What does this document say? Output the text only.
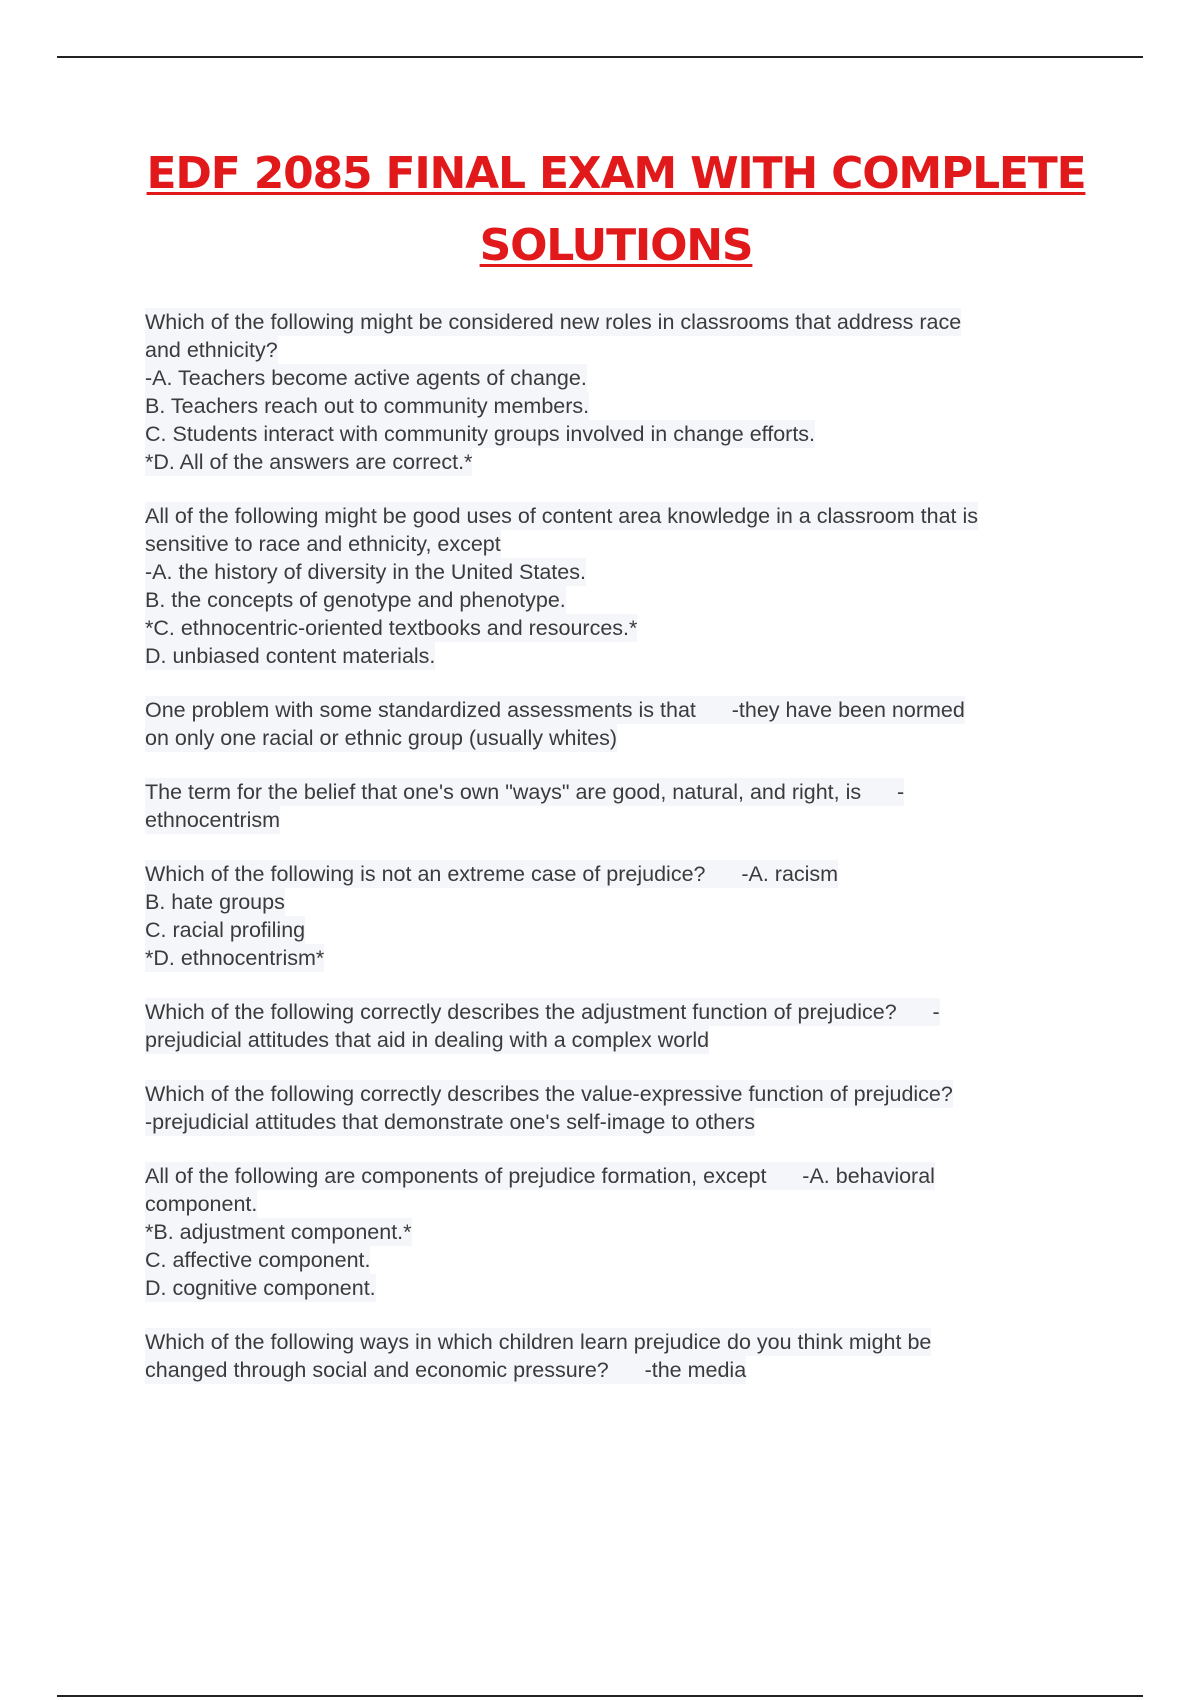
EDF 2085 FINAL EXAM WITH COMPLETE
SOLUTIONS
Which of the following might be considered new roles in classrooms that address race
and ethnicity?
-A. Teachers become active agents of change.
B. Teachers reach out to community members.
C. Students interact with community groups involved in change efforts.
*D. All of the answers are correct.*
All of the following might be good uses of content area knowledge in a classroom that is
sensitive to race and ethnicity, except
-A. the history of diversity in the United States.
B. the concepts of genotype and phenotype.
*C. ethnocentric-oriented textbooks and resources.*
D. unbiased content materials.
One problem with some standardized assessments is that      -they have been normed
on only one racial or ethnic group (usually whites)
The term for the belief that one's own "ways" are good, natural, and right, is      -
ethnocentrism
Which of the following is not an extreme case of prejudice?      -A. racism
B. hate groups
C. racial profiling
*D. ethnocentrism*
Which of the following correctly describes the adjustment function of prejudice?      -
prejudicial attitudes that aid in dealing with a complex world
Which of the following correctly describes the value-expressive function of prejudice?
-prejudicial attitudes that demonstrate one's self-image to others
All of the following are components of prejudice formation, except      -A. behavioral
component.
*B. adjustment component.*
C. affective component.
D. cognitive component.
Which of the following ways in which children learn prejudice do you think might be
changed through social and economic pressure?      -the media
